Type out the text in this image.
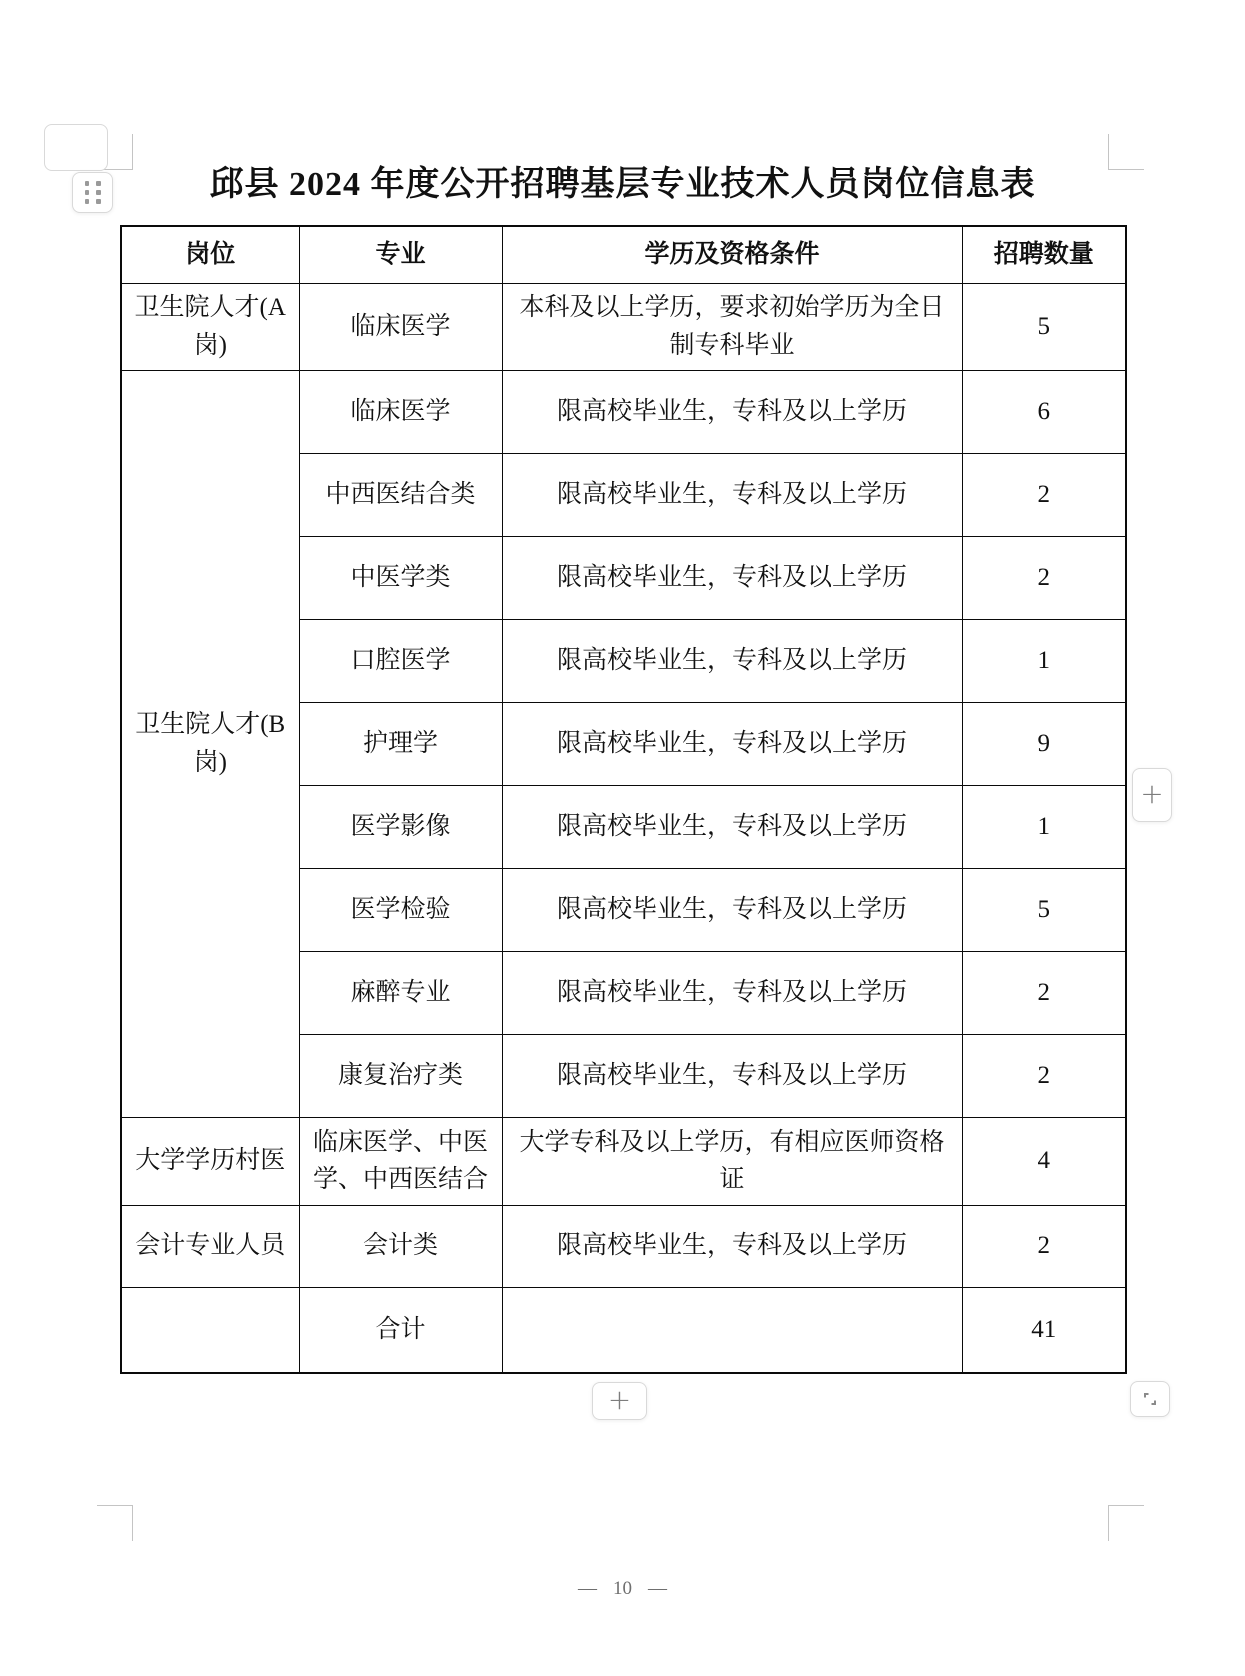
邱县 2024 年度公开招聘基层专业技术人员岗位信息表
岗位	专业	学历及资格条件	招聘数量
卫生院人才(A岗)	临床医学	本科及以上学历，要求初始学历为全日制专科毕业	5
卫生院人才(B岗)	临床医学	限高校毕业生，专科及以上学历	6
	中西医结合类	限高校毕业生，专科及以上学历	2
	中医学类	限高校毕业生，专科及以上学历	2
	口腔医学	限高校毕业生，专科及以上学历	1
	护理学	限高校毕业生，专科及以上学历	9
	医学影像	限高校毕业生，专科及以上学历	1
	医学检验	限高校毕业生，专科及以上学历	5
	麻醉专业	限高校毕业生，专科及以上学历	2
	康复治疗类	限高校毕业生，专科及以上学历	2
大学学历村医	临床医学、中医学、中西医结合	大学专科及以上学历，有相应医师资格证	4
会计专业人员	会计类	限高校毕业生，专科及以上学历	2
	合计		41
+
+
— 10 —
